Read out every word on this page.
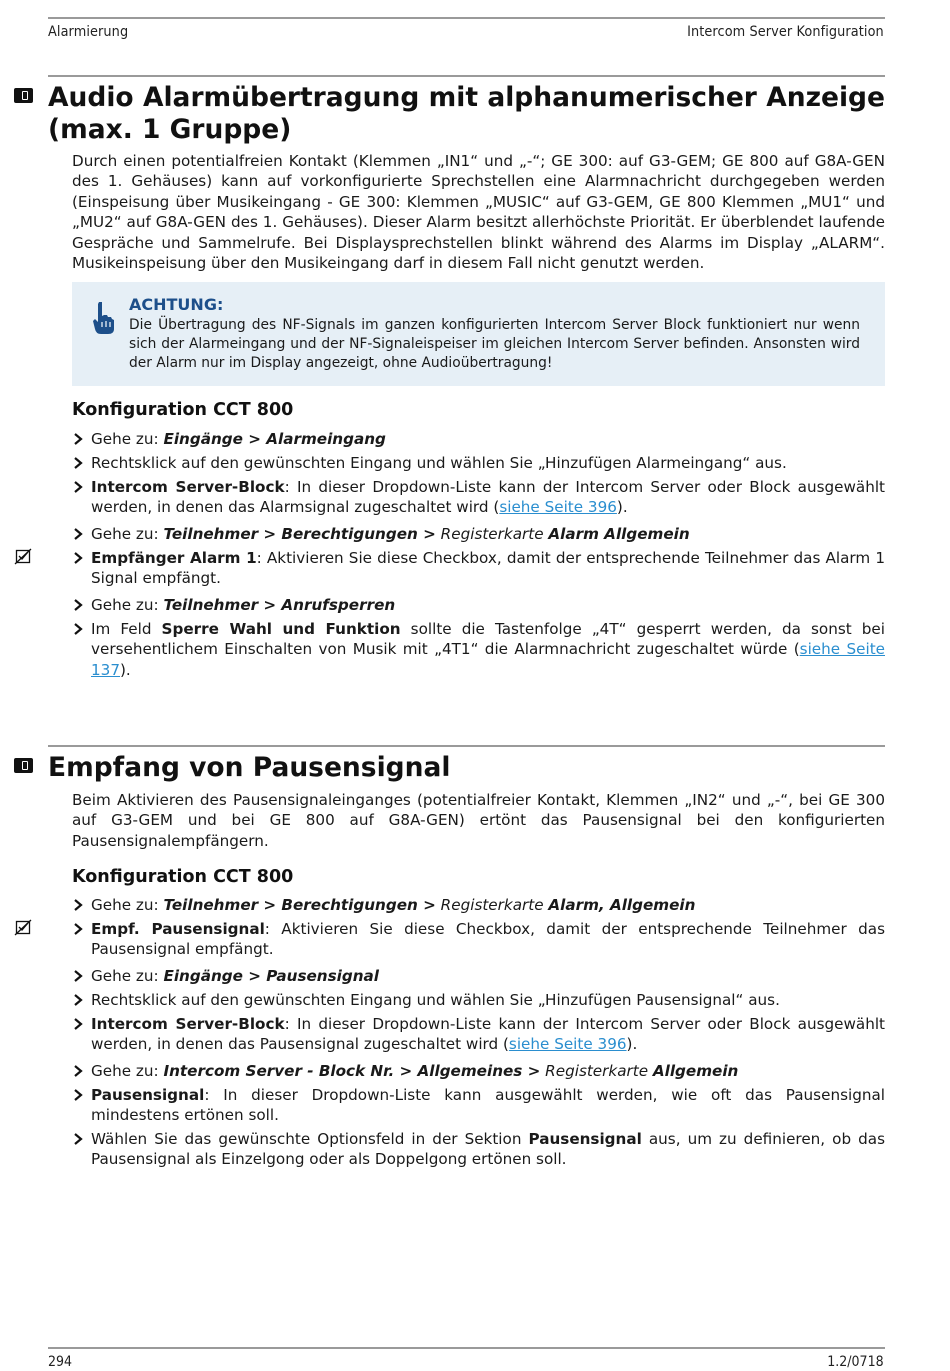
Alarmierung	Intercom Server Konfiguration
Audio Alarmübertragung mit alphanumerischer Anzeige (max. 1 Gruppe)
Durch einen potentialfreien Kontakt (Klemmen „IN1“ und „-“; GE 300: auf G3-GEM; GE 800 auf G8A-GEN des 1. Gehäuses) kann auf vorkonfigurierte Sprechstellen eine Alarmnachricht durchgegeben werden (Einspeisung über Musikeingang - GE 300: Klemmen „MUSIC“ auf G3-GEM, GE 800 Klemmen „MU1“ und „MU2“ auf G8A-GEN des 1. Gehäuses). Dieser Alarm besitzt allerhöchste Priorität. Er überblendet laufende Gespräche und Sammelrufe. Bei Displaysprechstellen blinkt während des Alarms im Display „ALARM“. Musikeinspeisung über den Musikeingang darf in diesem Fall nicht genutzt werden.
ACHTUNG:
Die Übertragung des NF-Signals im ganzen konfigurierten Intercom Server Block funktioniert nur wenn sich der Alarmeingang und der NF-Signaleispeiser im gleichen Intercom Server befinden. Ansonsten wird der Alarm nur im Display angezeigt, ohne Audioübertragung!
Konfiguration CCT 800
Gehe zu: Eingänge > Alarmeingang
Rechtsklick auf den gewünschten Eingang und wählen Sie „Hinzufügen Alarmeingang“ aus.
Intercom Server-Block: In dieser Dropdown-Liste kann der Intercom Server oder Block ausgewählt werden, in denen das Alarmsignal zugeschaltet wird (siehe Seite 396).
Gehe zu: Teilnehmer > Berechtigungen > Registerkarte Alarm Allgemein
Empfänger Alarm 1: Aktivieren Sie diese Checkbox, damit der entsprechende Teilnehmer das Alarm 1 Signal empfängt.
Gehe zu: Teilnehmer > Anrufsperren
Im Feld Sperre Wahl und Funktion sollte die Tastenfolge „4T“ gesperrt werden, da sonst bei versehentlichem Einschalten von Musik mit „4T1“ die Alarmnachricht zugeschaltet würde (siehe Seite 137).
Empfang von Pausensignal
Beim Aktivieren des Pausensignaleinganges (potentialfreier Kontakt, Klemmen „IN2“ und „-“, bei GE 300 auf G3-GEM und bei GE 800 auf G8A-GEN) ertönt das Pausensignal bei den konfigurierten Pausensignalempfängern.
Konfiguration CCT 800
Gehe zu: Teilnehmer > Berechtigungen > Registerkarte Alarm, Allgemein
Empf. Pausensignal: Aktivieren Sie diese Checkbox, damit der entsprechende Teilnehmer das Pausensignal empfängt.
Gehe zu: Eingänge > Pausensignal
Rechtsklick auf den gewünschten Eingang und wählen Sie „Hinzufügen Pausensignal“ aus.
Intercom Server-Block: In dieser Dropdown-Liste kann der Intercom Server oder Block ausgewählt werden, in denen das Pausensignal zugeschaltet wird (siehe Seite 396).
Gehe zu: Intercom Server - Block Nr. > Allgemeines > Registerkarte Allgemein
Pausensignal: In dieser Dropdown-Liste kann ausgewählt werden, wie oft das Pausensignal mindestens ertönen soll.
Wählen Sie das gewünschte Optionsfeld in der Sektion Pausensignal aus, um zu definieren, ob das Pausensignal als Einzelgong oder als Doppelgong ertönen soll.
294	1.2/0718
